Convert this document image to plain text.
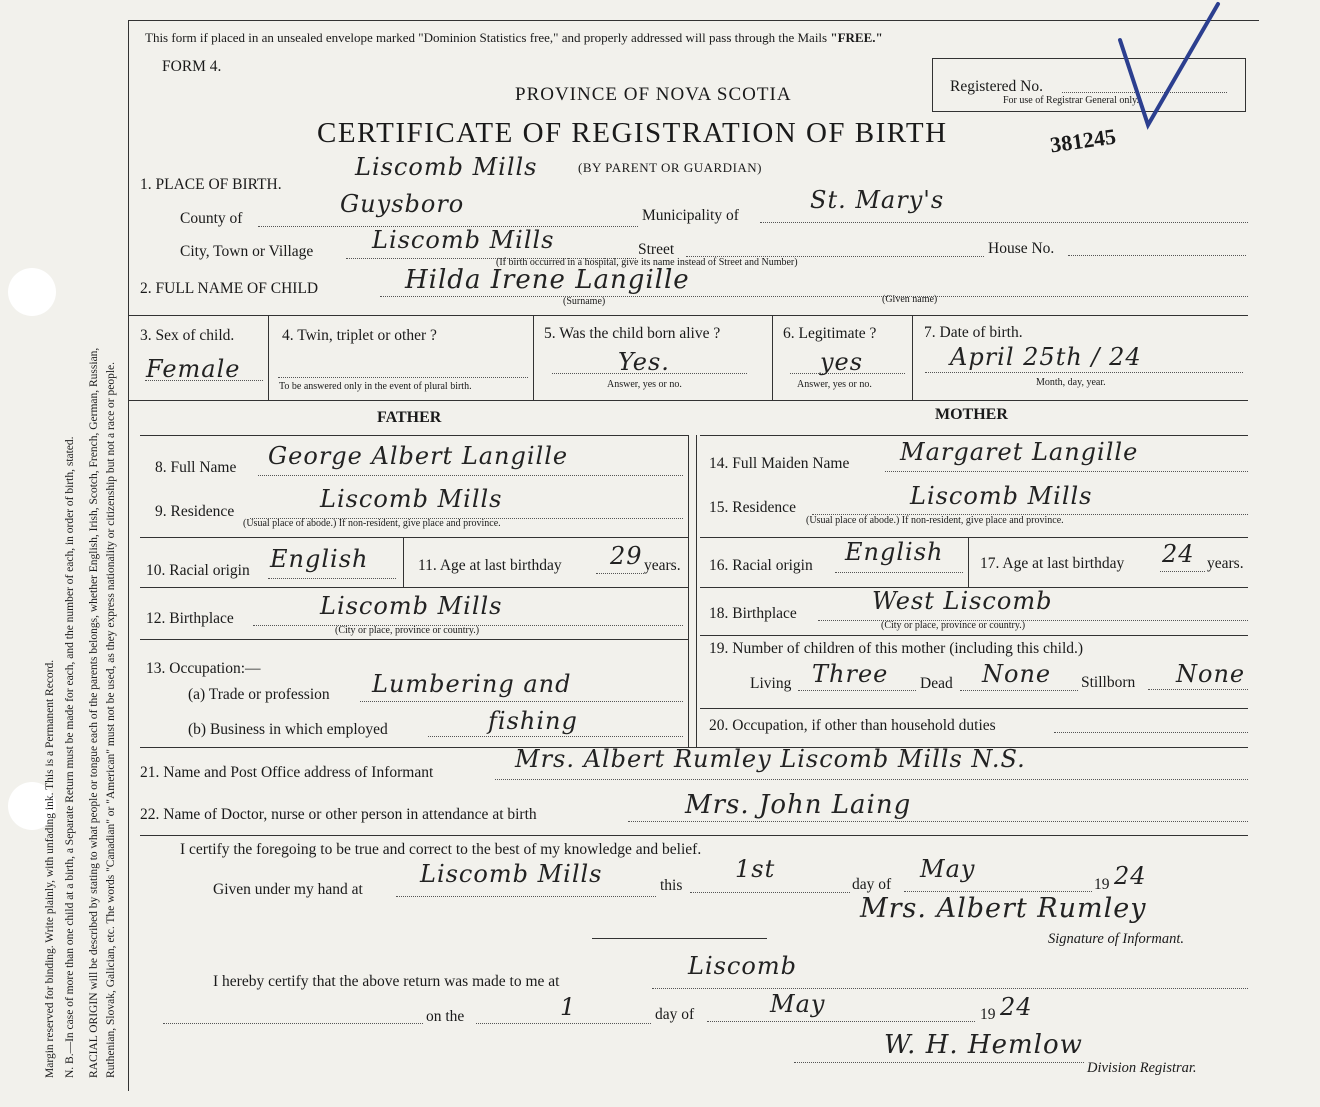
Margin reserved for binding. Write plainly, with unfading ink. This is a Permanent Record. N. B.—In case of more than one child at a birth, a Separate Return must be made for each, and the number of each, in order of birth, stated. RACIAL ORIGIN will be described by stating to what people or tongue each of the parents belongs, whether English, Irish, Scotch, French, German, Russian, Ruthenian, Slovak, Galician, etc. The words "Canadian" or "American" must not be used, as they express nationality or citizenship but not a race or people.
This form if placed in an unsealed envelope marked "Dominion Statistics free," and properly addressed will pass through the Mails "FREE."
FORM 4.
PROVINCE OF NOVA SCOTIA
CERTIFICATE OF REGISTRATION OF BIRTH
Registered No.
For use of Registrar General only.
381245
(BY PARENT OR GUARDIAN)
1. PLACE OF BIRTH.
Liscomb Mills
County of
Guysboro	Municipality of
St. Mary's
City, Town or Village Liscomb Mills	Street	House No.
(If birth occurred in a hospital, give its name instead of Street and Number)
2. FULL NAME OF CHILD	Hilda Irene Langille
(Surname)	(Given name)
3. Sex of child.
Female
4. Twin, triplet or other ?
To be answered only in the event of plural birth.
5. Was the child born alive ?
Yes.
Answer, yes or no.
6. Legitimate ?
yes
Answer, yes or no.
7. Date of birth.
April 25th / 24
Month, day, year.
FATHER	MOTHER
8. Full Name George Albert Langille
9. Residence	Liscomb Mills
(Usual place of abode.) If non-resident, give place and province.
10. Racial origin English	11. Age at last birthday 29 years.
12. Birthplace	Liscomb Mills
(City or place, province or country.)
13. Occupation:—
(a) Trade or profession Lumbering and
(b) Business in which employed	fishing
14. Full Maiden Name Margaret Langille
15. Residence	Liscomb Mills
(Usual place of abode.) If non-resident, give place and province.
16. Racial origin English 17. Age at last birthday 24 years.
18. Birthplace	West Liscomb
(City or place, province or country.)
19. Number of children of this mother (including this child.)
Living Three Dead None Stillborn None
20. Occupation, if other than household duties
21. Name and Post Office address of Informant	Mrs. Albert Rumley Liscomb Mills N.S.
22. Name of Doctor, nurse or other person in attendance at birth	Mrs. John Laing
I certify the foregoing to be true and correct to the best of my knowledge and belief.
Given under my hand at
Liscomb Mills	this
1st
day of
May
19 24
Mrs. Albert Rumley
Signature of Informant.
I hereby certify that the above return was made to me at
Liscomb
on the	1	day of	May	19 24
W. H. Hemlow
Division Registrar.
